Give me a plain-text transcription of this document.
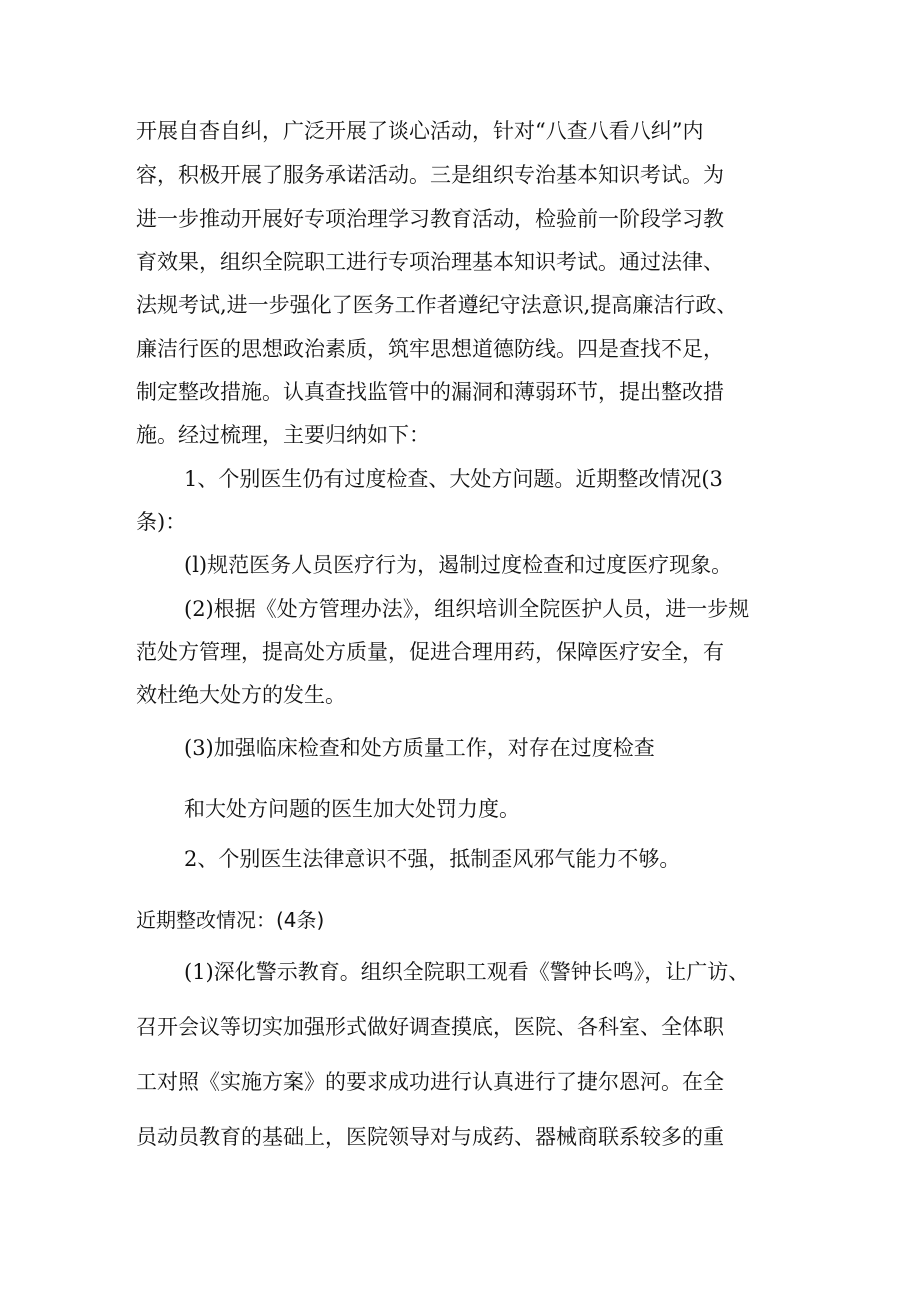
开展自杳自纠，广泛开展了谈心活动，针对“八查八看八纠”内
容，积极开展了服务承诺活动。三是组织专治基本知识考试。为
进一步推动开展好专项治理学习教育活动，检验前一阶段学习教
育效果，组织全院职工进行专项治理基本知识考试。通过法律、
法规考试,进一步强化了医务工作者遵纪守法意识,提高廉洁行政、
廉洁行医的思想政治素质，筑牢思想道德防线。四是查找不足，
制定整改措施。认真查找监管中的漏洞和薄弱环节，提出整改措
施。经过梳理，主要归纳如下：
1、个别医生仍有过度检查、大处方问题。近期整改情况(3
条)：
(l)规范医务人员医疗行为，遏制过度检查和过度医疗现象。
(2)根据《处方管理办法》，组织培训全院医护人员，进一步规
范处方管理，提高处方质量，促进合理用药，保障医疗安全，有
效杜绝大处方的发生。
(3)加强临床检查和处方质量工作，对存在过度检查
和大处方问题的医生加大处罚力度。
2、个别医生法律意识不强，抵制歪风邪气能力不够。
近期整改情况：(4条)
(1)深化警示教育。组织全院职工观看《警钟长鸣》，让广访、
召开会议等切实加强形式做好调查摸底，医院、各科室、全体职
工对照《实施方案》的要求成功进行认真进行了捷尔恩河。在全
员动员教育的基础上，医院领导对与成药、器械商联系较多的重
